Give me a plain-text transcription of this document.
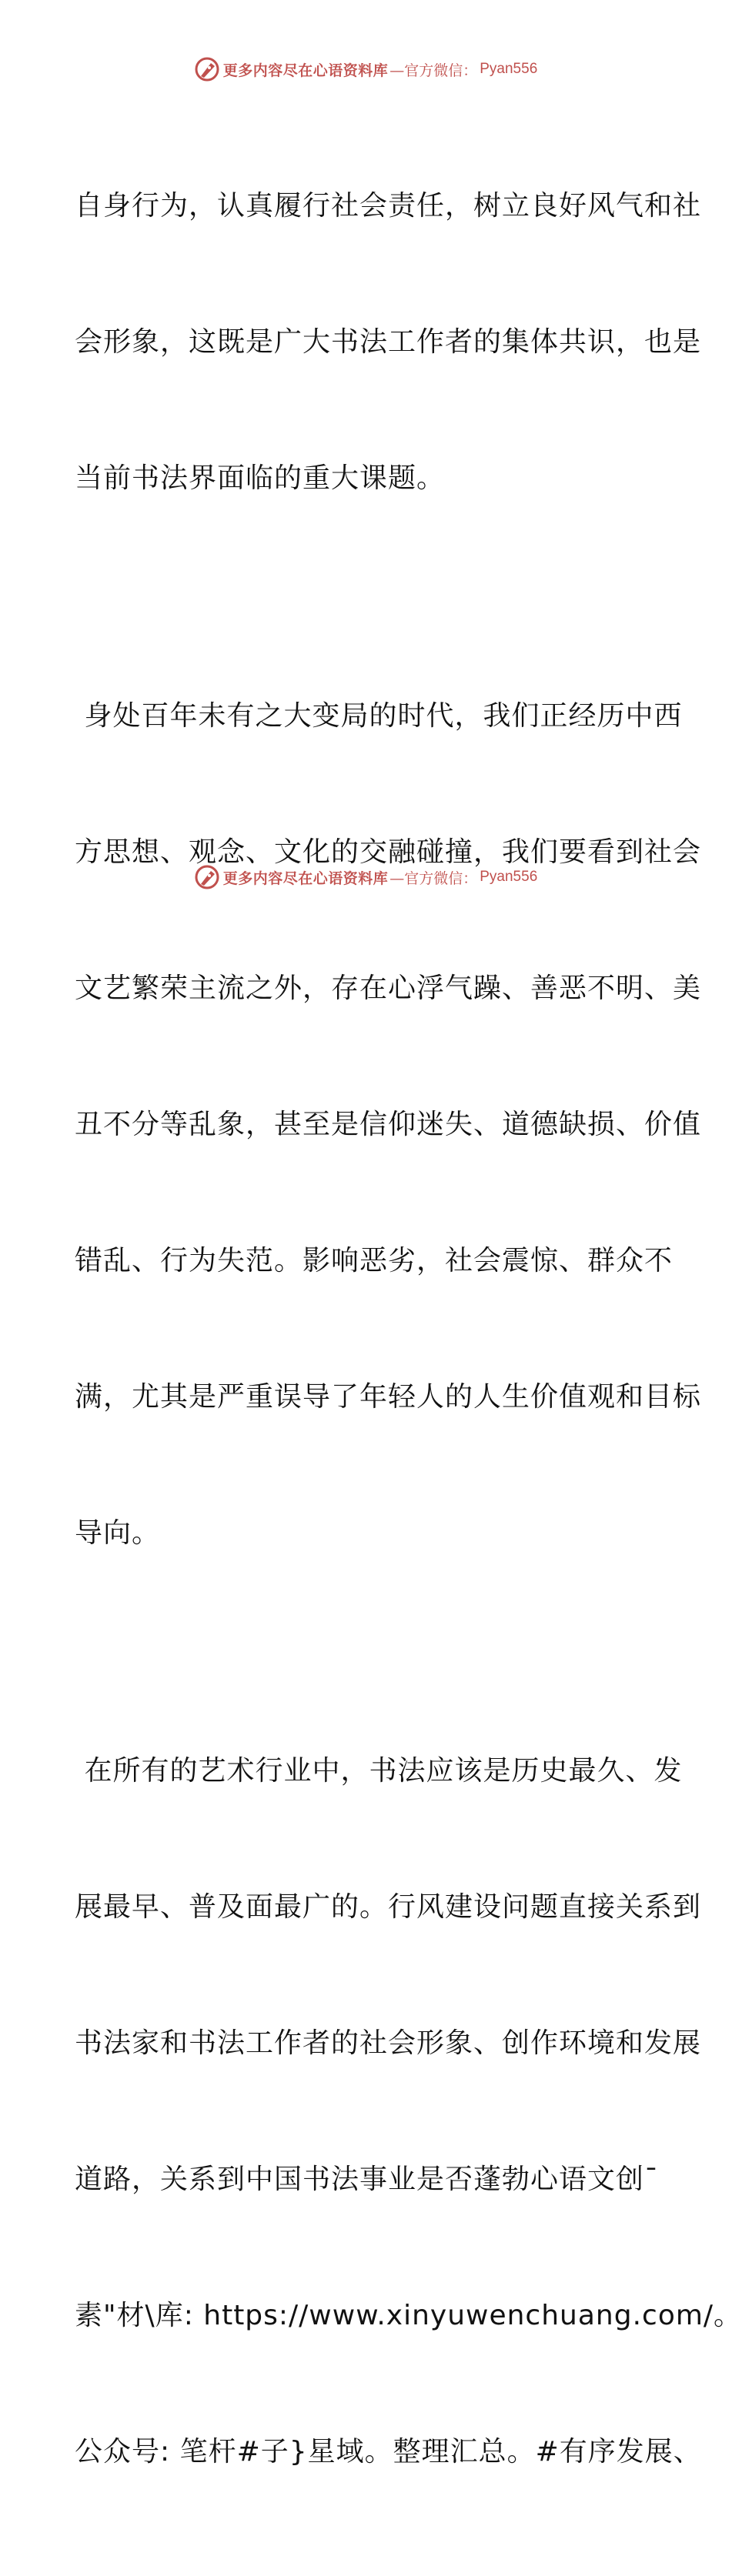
更多内容尽在心语资料库 —官方微信： Pyan556

自身行为，认真履行社会责任，树立良好风气和社

会形象，这既是广大书法工作者的集体共识，也是

当前书法界面临的重大课题。

身处百年未有之大变局的时代，我们正经历中西

方思想、观念、文化的交融碰撞，我们要看到社会

文艺繁荣主流之外，存在心浮气躁、善恶不明、美

丑不分等乱象，甚至是信仰迷失、道德缺损、价值

错乱、行为失范。影响恶劣，社会震惊、群众不

满，尤其是严重误导了年轻人的人生价值观和目标

导向。

在所有的艺术行业中，书法应该是历史最久、发

展最早、普及面最广的。行风建设问题直接关系到

书法家和书法工作者的社会形象、创作环境和发展

道路，关系到中国书法事业是否蓬勃心语文创¯

素"材\库: https://www.xinyuwenchuang.com/。

公众号: 笔杆#子}星域。整理汇总。#有序发展、

更多内容尽在心语资料库 —官方微信： Pyan556
